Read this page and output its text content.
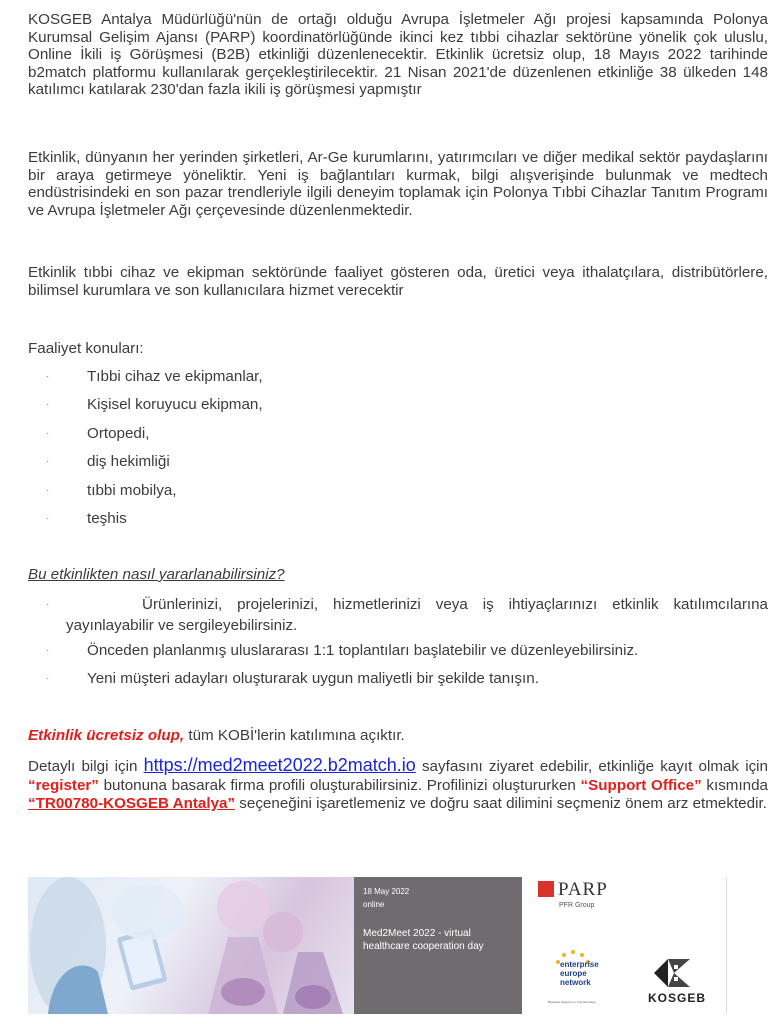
KOSGEB Antalya Müdürlüğü'nün de ortağı olduğu Avrupa İşletmeler Ağı projesi kapsamında Polonya Kurumsal Gelişim Ajansı (PARP) koordinatörlüğünde ikinci kez tıbbi cihazlar sektörüne yönelik çok uluslu, Online İkili iş Görüşmesi (B2B) etkinliği düzenlenecektir. Etkinlik ücretsiz olup, 18 Mayıs 2022 tarihinde b2match platformu kullanılarak gerçekleştirilecektir. 21 Nisan 2021'de düzenlenen etkinliğe 38 ülkeden 148 katılımcı katılarak 230'dan fazla ikili iş görüşmesi yapmıştır

Etkinlik, dünyanın her yerinden şirketleri, Ar-Ge kurumlarını, yatırımcıları ve diğer medikal sektör paydaşlarını bir araya getirmeye yöneliktir. Yeni iş bağlantıları kurmak, bilgi alışverişinde bulunmak ve medtech endüstrisindeki en son pazar trendleriyle ilgili deneyim toplamak için Polonya Tıbbi Cihazlar Tanıtım Programı ve Avrupa İşletmeler Ağı çerçevesinde düzenlenmektedir.

Etkinlik tıbbi cihaz ve ekipman sektöründe faaliyet gösteren oda, üretici veya ithalatçılara, distribütörlere, bilimsel kurumlara ve son kullanıcılara hizmet verecektir

Faaliyet konuları:

· Tıbbi cihaz ve ekipmanlar,
· Kişisel koruyucu ekipman,
· Ortopedi,
· diş hekimliği
· tıbbi mobilya,
· teşhis
Bu etkinlikten nasıl yararlanabilirsiniz?
·	Ürünlerinizi, projelerinizi, hizmetlerinizi veya iş ihtiyaçlarınızı etkinlik katılımcılarına yayınlayabilir ve sergileyebilirsiniz.

· Önceden planlanmış uluslararası 1:1 toplantıları başlatebilir ve düzenleyebilirsiniz.
· Yeni müşteri adayları oluşturarak uygun maliyetli bir şekilde tanışın.

Etkinlik ücretsiz olup, tüm KOBİ'lerin katılımına açıktır.

Detaylı bilgi için https://med2meet2022.b2match.io sayfasını ziyaret edebilir, etkinliğe kayıt olmak için “register” butonuna basarak firma profili oluşturabilirsiniz. Profilinizi oluştururken “Support Office” kısmında “TR00780-KOSGEB Antalya” seçeneğini işaretlemeniz ve doğru saat dilimini seçmeniz önem arz etmektedir.

18 May 2022
online
Med2Meet 2022 - virtual healthcare cooperation day
PARP
PFR Group
enterprise
europe
network
Business Support on Your Doorstep	KOSGEB
